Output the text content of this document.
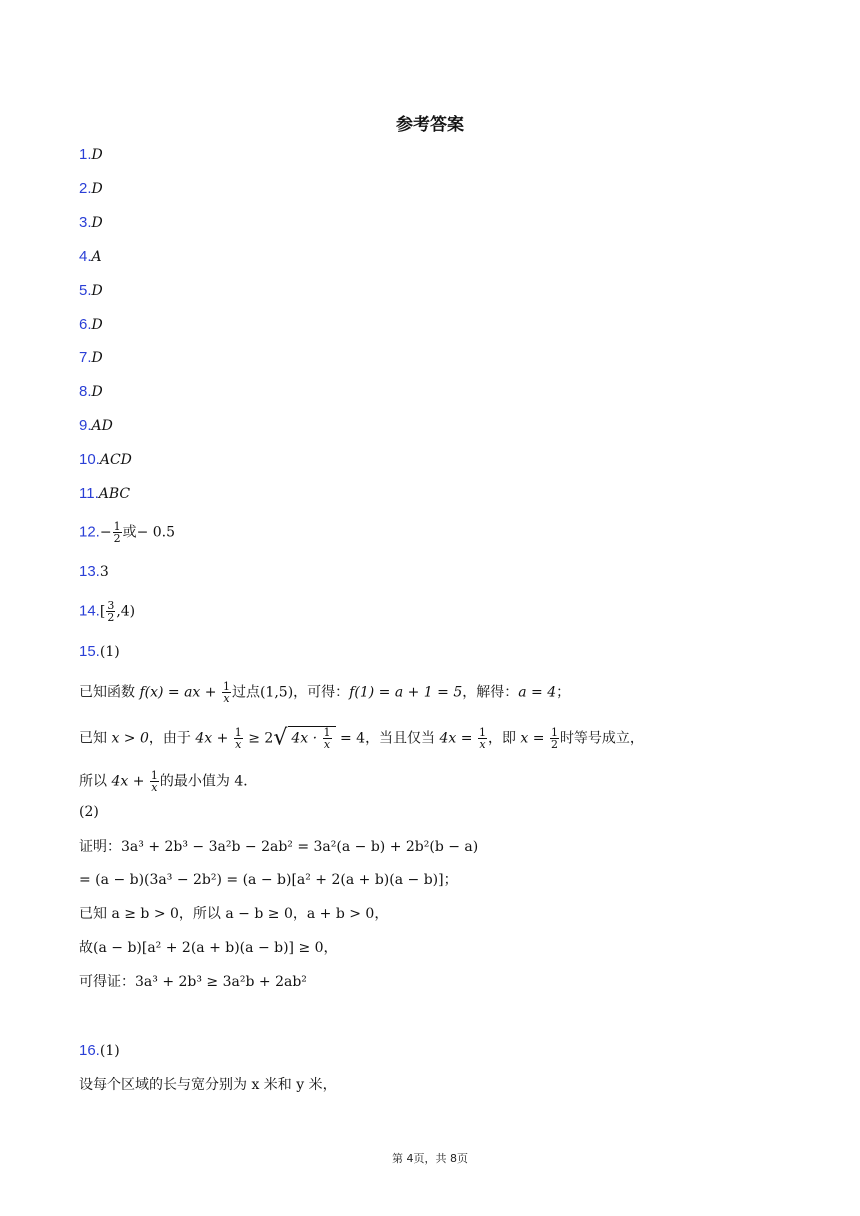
参考答案
1.D
2.D
3.D
4.A
5.D
6.D
7.D
8.D
9.AD
10.ACD
11.ABC
$12.- \frac{1}{2}$ 或− 0.5
13.3
$14.[ \frac{3}{2} ,4)$
15.(1)
已知函数 f(x) = ax + $\frac{1}{x}$ 过点(1,5)，可得：f(1) = a + 1 = 5，解得：a = 4；
已知 x > 0，由于 $4x + \frac{1}{x} \ge 2√$ $4x \cdot \frac{1}{x} = 4$，当且仅当 $4x = \frac{1}{x}$ ，即 $x = \frac{1}{2}$ 时等号成立，
所以 $4x + \frac{1}{x}$ 的最小值为 4．
(2)
证明：3a³ + 2b³ − 3a²b − 2ab² = 3a²(a − b) + 2b²(b − a)
= (a − b)(3a³ − 2b²) = (a − b)[a² + 2(a + b)(a − b)]；
已知 a ≥ b > 0，所以 a − b ≥ 0，a + b > 0，
故(a − b)[a² + 2(a + b)(a − b)] ≥ 0，
可得证：3a³ + 2b³ ≥ 3a²b + 2ab²
16.(1)
设每个区域的长与宽分别为 x 米和 y 米，
第 4页，共 8页
